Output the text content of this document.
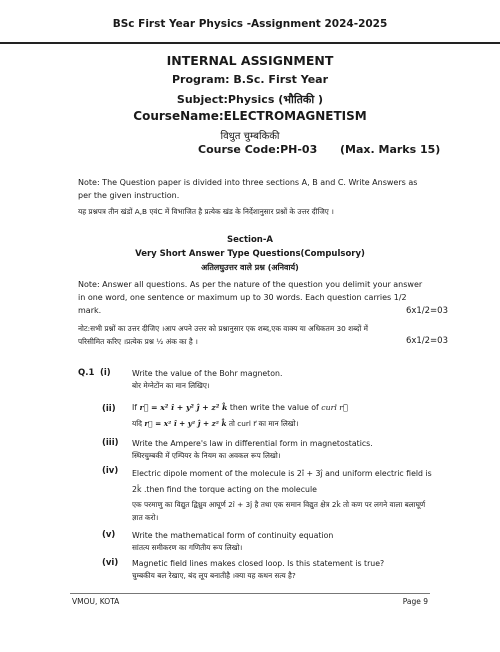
BSc First Year Physics -Assignment 2024-2025
INTERNAL ASSIGNMENT
Program: B.Sc. First Year
Subject:Physics (भौतिकी )
CourseName:ELECTROMAGNETISM
विधुत चुम्बकिकी
Course Code:PH-03 (Max. Marks 15)
Note: The Question paper is divided into three sections A, B and C. Write Answers as per the given instruction.
यह प्रश्नपत्र तीन खंडों A,B एवंC में विभाजित है प्रत्येक खंड के निर्देशानुसार प्रश्नों के उत्तर दीजिए ।
Section-A
Very Short Answer Type Questions(Compulsory)
अतिलघुउत्तर वाले प्रश्न (अनिवार्य)
Note: Answer all questions. As per the nature of the question you delimit your answer in one word, one sentence or maximum up to 30 words. Each question carries 1/2 mark.	6x1/2=03
नोट:सभी प्रश्नों का उत्तर दीजिए ।आप अपने उत्तर को प्रश्नानुसार एक शब्द,एक वाक्य या अधिकतम 30 शब्दों में परिसीमित करिए ।प्रत्येक प्रश्न ½ अंक का है ।	6x1/2=03
Q.1 (i)	Write the value of the Bohr magneton.
बोर मेग्नेटोंन का मान लिखिए।
(ii) If r⃗ = x² î + y² ĵ + z² k̂ then write the value of curl r⃗
यदि r⃗ = x² î + y² ĵ + z² k̂ तो curl r⃗ का मान लिखो।
(iii) Write the Ampere's law in differential form in magnetostatics.
स्थिरचुम्बकी में एम्पियर के नियम का अवकल रूप लिखो।
(iv) Electric dipole moment of the molecule is 2î + 3ĵ and uniform electric field is 2k̂ .then find the torque acting on the molecule
एक परमाणु का विद्युत द्विध्रुव आघूर्ण 2î + 3ĵ है तथा एक समान विद्युत क्षेत्र 2k̂ तो कण पर लगने वाला बलाघूर्ण ज्ञात करो।
(v) Write the mathematical form of continuity equation
सांतत्य समीकरण का गणितीय रूप लिखो।
(vi) Magnetic field lines makes closed loop. Is this statement is true?
चुम्बकीय बल रेखाए, बंद लूप बनातीहै ।क्या यह कथन सत्य है?
VMOU, KOTA	Page 9
